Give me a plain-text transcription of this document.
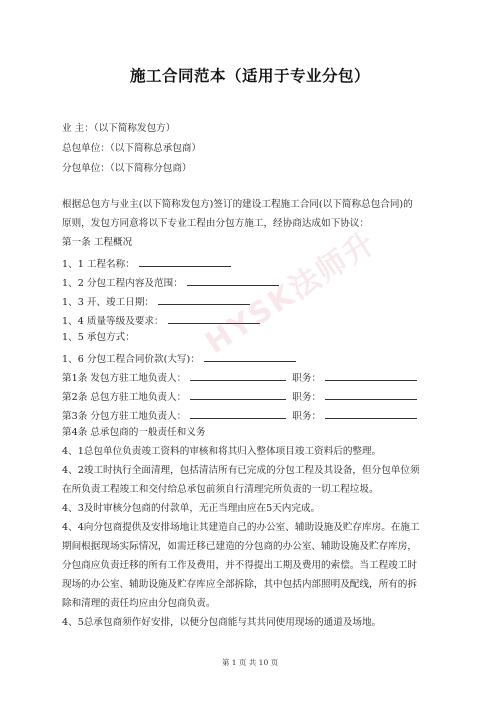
施工合同范本（适用于专业分包）
业 主：（以下简称发包方）
总包单位：（以下简称总承包商）
分包单位：（以下简称分包商）
根据总包方与业主(以下简称发包方)签订的建设工程施工合同(以下简称总包合同)的
原则，发包方同意将以下专业工程由分包方施工，经协商达成如下协议：
第一条 工程概况
1、1 工程名称：
1、2 分包工程内容及范围：
1、3 开、竣工日期：
1、4 质量等级及要求：
1、5 承包方式：
1、6 分包工程合同价款(大写)：
第1条 发包方驻工地负责人：	职务：
第2条 总包方驻工地负责人：	职务：
第3条 分包方驻工地负责人：	职务：
第4条 总承包商的一般责任和义务
4、1总包单位负责竣工资料的审核和将其归入整体项目竣工资料后的整理。
4、2竣工时执行全面清理，包括清洁所有已完成的分包工程及其设备，但分包单位须
在所负责工程竣工和交付给总承包前须自行清理完所负责的一切工程垃圾。
4、3及时审核分包商的付款单，无正当理由应在5天内完成。
4、4向分包商提供及安排场地让其建造自己的办公室、辅助设施及贮存库房。在施工
期间根据现场实际情况，如需迁移已建造的分包商的办公室、辅助设施及贮存库房，
分包商应负责迁移的所有工作及费用，并不得提出工期及费用的索偿。当工程竣工时
现场的办公室、辅助设施及贮存库应全部拆除，其中包括内部照明及配线，所有的拆
除和清理的责任均应由分包商负责。
4、5总承包商须作好安排，以便分包商能与其共同使用现场的通道及场地。
第 1 页 共 10 页
HYSK法师升
